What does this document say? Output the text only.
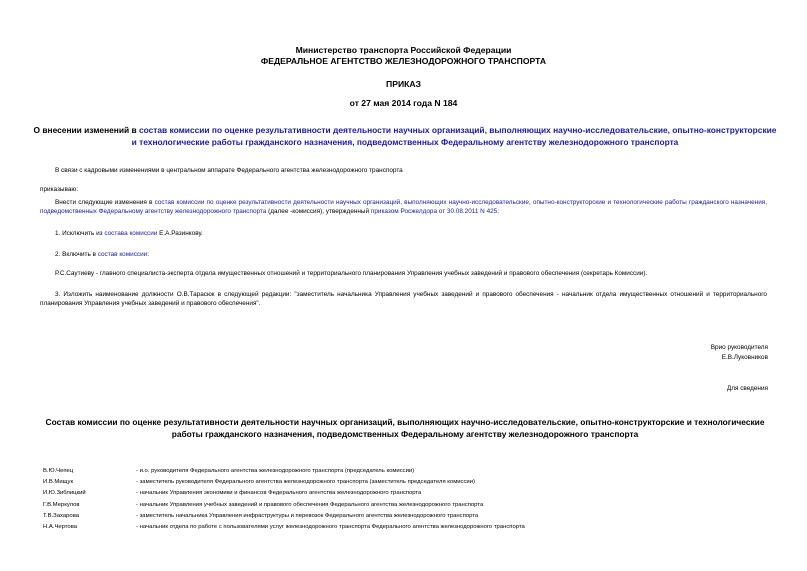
Министерство транспорта Российской Федерации

ФЕДЕРАЛЬНОЕ АГЕНТСТВО ЖЕЛЕЗНОДОРОЖНОГО ТРАНСПОРТА

ПРИКАЗ

от 27 мая 2014 года N 184

О внесении изменений в состав комиссии по оценке результативности деятельности научных организаций, выполняющих научно-исследовательские, опытно-конструкторские и технологические работы гражданского назначения, подведомственных Федеральному агентству железнодорожного транспорта

В связи с кадровыми изменениями в центральном аппарате Федерального агентства железнодорожного транспорта

приказываю:

Внести следующие изменения в состав комиссии по оценке результативности деятельности научных организаций, выполняющих научно-исследовательские, опытно-конструкторские и технологические работы гражданского назначения, подведомственных Федеральному агентству железнодорожного транспорта (далее -комиссия), утвержденный приказом Росжелдора от 30.08.2011 N 425:

1. Исключить из состава комиссии Е.А.Разинкову.

2. Включить в состав комиссии:

Р.С.Саутиеву - главного специалиста-эксперта отдела имущественных отношений и территориального планирования Управления учебных заведений и правового обеспечения (секретарь Комиссии).

3. Изложить наименование должности О.В.Тарасюк в следующей редакции: "заместитель начальника Управления учебных заведений и правового обеспечения - начальник отдела имущественных отношений и территориального планирования Управления учебных заведений и правового обеспечения".

Врио руководителя

Е.В.Луковников

Для сведения

Состав комиссии по оценке результативности деятельности научных организаций, выполняющих научно-исследовательские, опытно-конструкторские и технологические работы гражданского назначения, подведомственных Федеральному агентству железнодорожного транспорта

В.Ю.Чепец	- и.о. руководителя Федерального агентства железнодорожного транспорта (председатель комиссии)
И.В.Мищук	- заместитель руководителя Федерального агентства железнодорожного транспорта (заместитель председателя комиссии)
И.Ю.Зиблицкий	- начальник Управления экономики и финансов Федерального агентства железнодорожного транспорта
Г.В.Меркулов	- начальник Управления учебных заведений и правового обеспечения Федерального агентства железнодорожного транспорта
Т.В.Захарова	- заместитель начальника Управления инфраструктуры и перевозок Федерального агентства железнодорожного транспорта
Н.А.Чертова	- начальник отдела по работе с пользователями услуг железнодорожного транспорта Федерального агентства железнодорожного транспорта
